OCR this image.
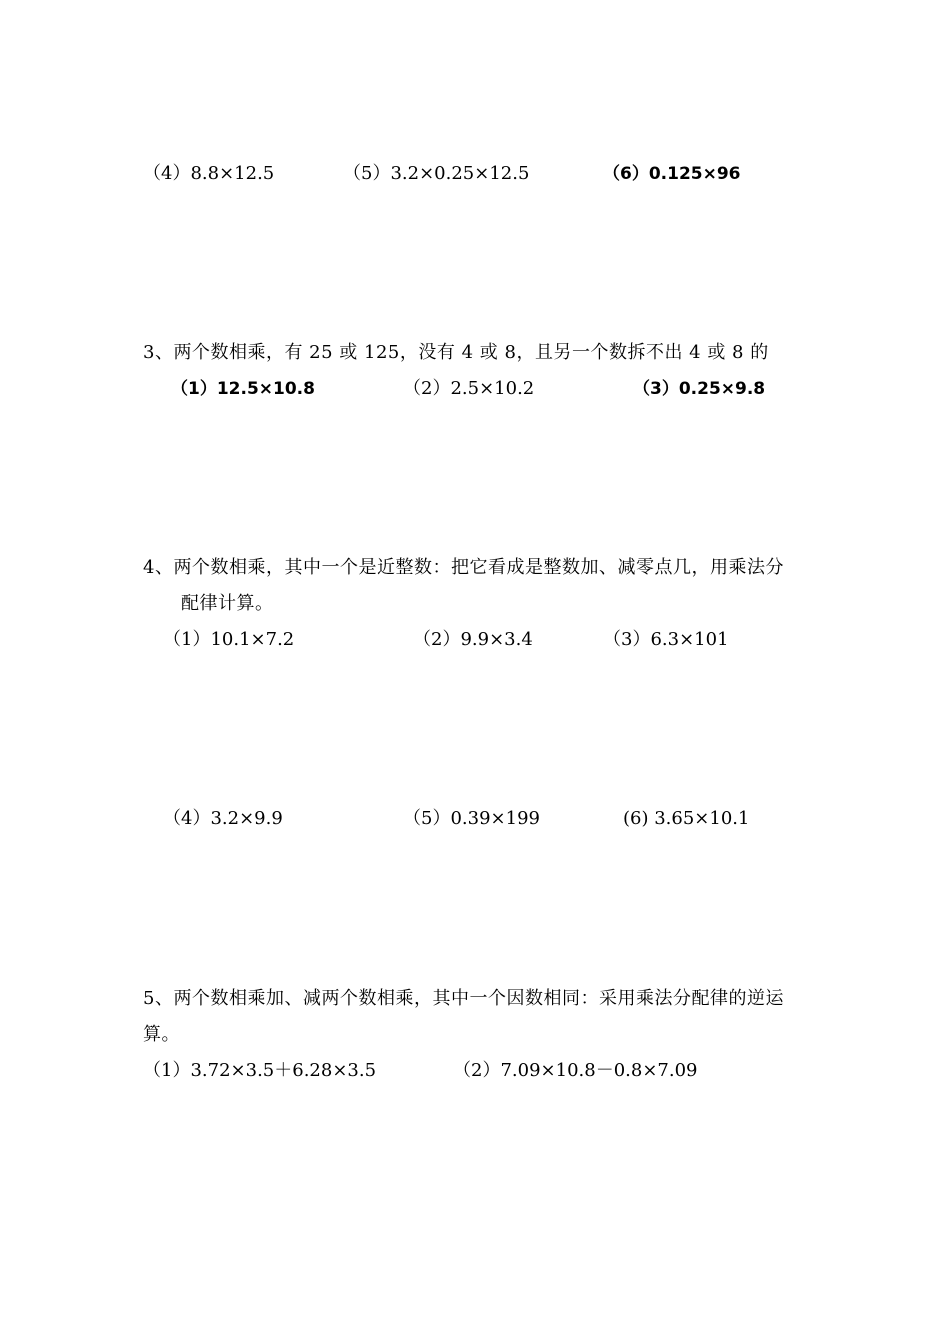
（4）8.8×12.5	（5）3.2×0.25×12.5	（6）0.125×96
3、两个数相乘，有 25 或 125，没有 4 或 8，且另一个数拆不出 4 或 8 的
（1）12.5×10.8	（2）2.5×10.2	（3）0.25×9.8
4、两个数相乘，其中一个是近整数：把它看成是整数加、减零点几，用乘法分
配律计算。
（1）10.1×7.2	（2）9.9×3.4	（3）6.3×101
（4）3.2×9.9	（5）0.39×199	(6) 3.65×10.1
5、两个数相乘加、减两个数相乘，其中一个因数相同：采用乘法分配律的逆运
算。
（1）3.72×3.5＋6.28×3.5	（2）7.09×10.8－0.8×7.09
